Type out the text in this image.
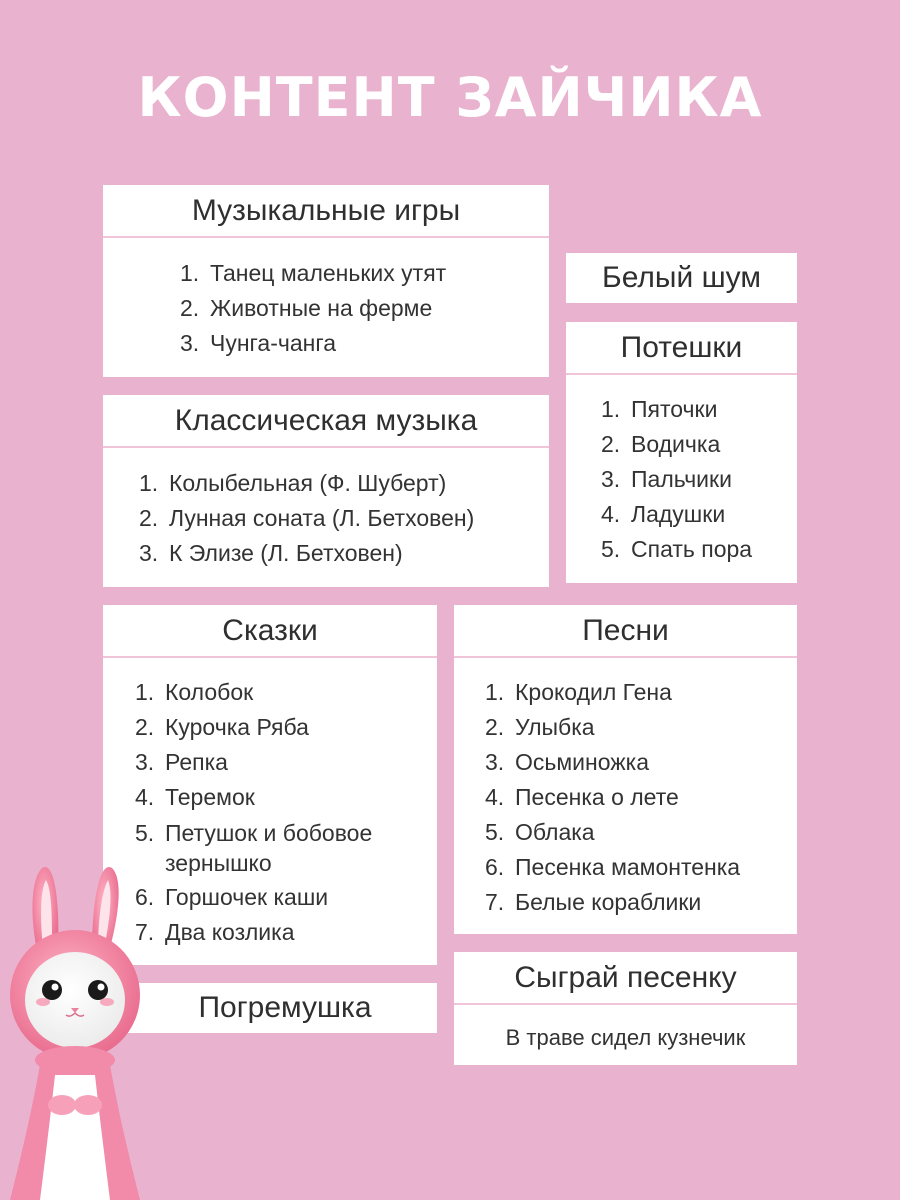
КОНТЕНТ ЗАЙЧИКА
Музыкальные игры
1. Танец маленьких утят
2. Животные на ферме
3. Чунга-чанга
Классическая музыка
1. Колыбельная (Ф. Шуберт)
2. Лунная соната (Л. Бетховен)
3. К Элизе (Л. Бетховен)
Белый шум
Потешки
1. Пяточки
2. Водичка
3. Пальчики
4. Ладушки
5. Спать пора
Сказки
1. Колобок
2. Курочка Ряба
3. Репка
4. Теремок
5. Петушок и бобовое зернышко
6. Горшочек каши
7. Два козлика
Песни
1. Крокодил Гена
2. Улыбка
3. Осьминожка
4. Песенка о лете
5. Облака
6. Песенка мамонтенка
7. Белые кораблики
Погремушка
Сыграй песенку
В траве сидел кузнечик
